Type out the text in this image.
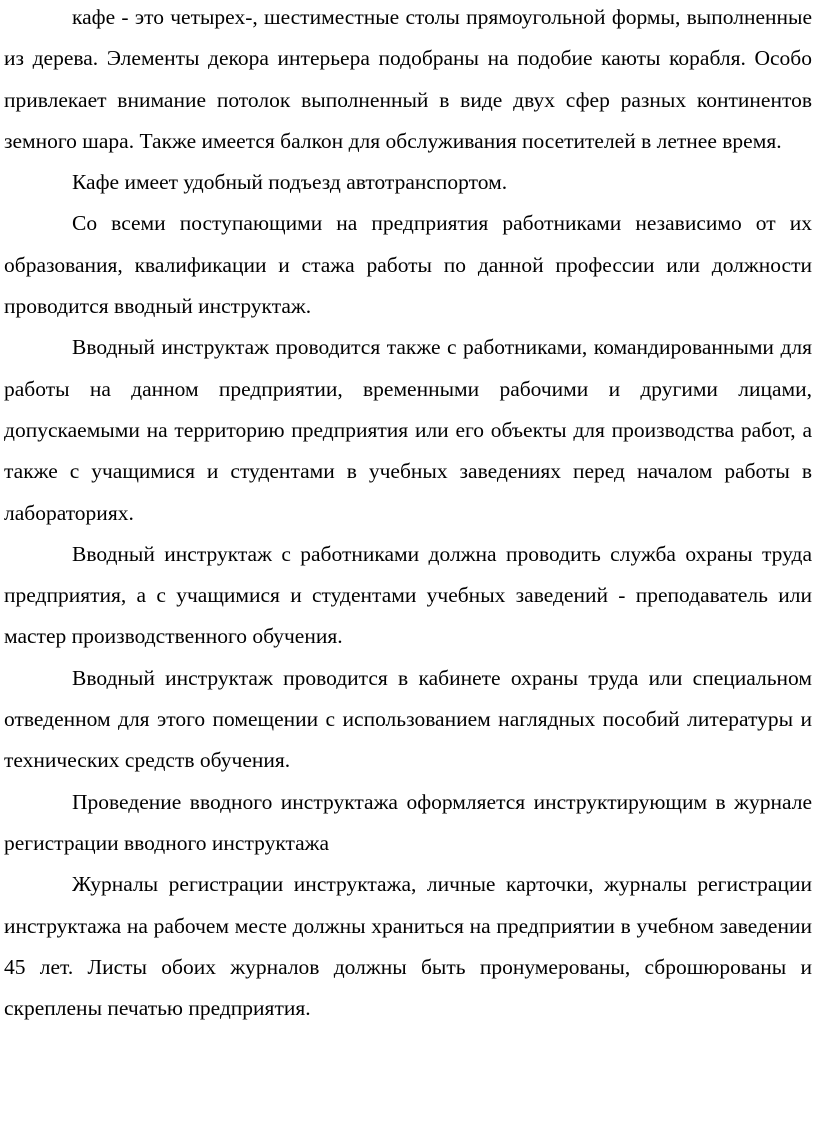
кафе - это четырех-, шестиместные столы прямоугольной формы, выполненные из дерева. Элементы декора интерьера подобраны на подобие каюты корабля. Особо привлекает внимание потолок выполненный в виде двух сфер разных континентов земного шара. Также имеется балкон для обслуживания посетителей в летнее время.

Кафе имеет удобный подъезд автотранспортом.

Со всеми поступающими на предприятия работниками независимо от их образования, квалификации и стажа работы по данной профессии или должности проводится вводный инструктаж.

Вводный инструктаж проводится также с работниками, командированными для работы на данном предприятии, временными рабочими и другими лицами, допускаемыми на территорию предприятия или его объекты для производства работ, а также с учащимися и студентами в учебных заведениях перед началом работы в лабораториях.

Вводный инструктаж с работниками должна проводить служба охраны труда предприятия, а с учащимися и студентами учебных заведений - преподаватель или мастер производственного обучения.

Вводный инструктаж проводится в кабинете охраны труда или специальном отведенном для этого помещении с использованием наглядных пособий литературы и технических средств обучения.

Проведение вводного инструктажа оформляется инструктирующим в журнале регистрации вводного инструктажа

Журналы регистрации инструктажа, личные карточки, журналы регистрации инструктажа на рабочем месте должны храниться на предприятии в учебном заведении 45 лет. Листы обоих журналов должны быть пронумерованы, сброшюрованы и скреплены печатью предприятия.
